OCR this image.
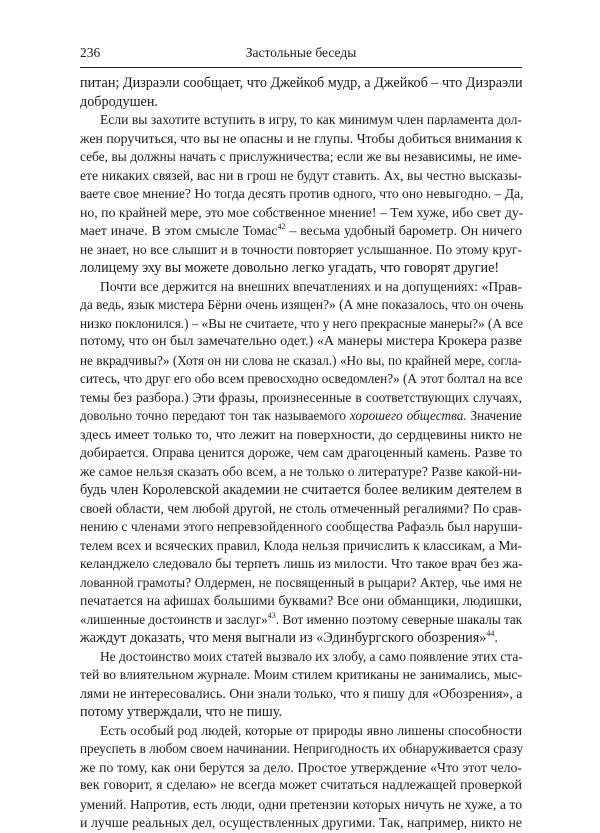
236	Застольные беседы
питан; Дизраэли сообщает, что Джейкоб мудр, а Джейкоб – что Дизраэли
добродушен.
Если вы захотите вступить в игру, то как минимум член парламента дол-
жен поручиться, что вы не опасны и не глупы. Чтобы добиться внимания к
себе, вы должны начать с прислужничества; если же вы независимы, не име-
ете никаких связей, вас ни в грош не будут ставить. Ах, вы честно высказы-
ваете свое мнение? Но тогда десять против одного, что оно невыгодно. – Да,
но, по крайней мере, это мое собственное мнение! – Тем хуже, ибо свет ду-
мает иначе. В этом смысле Томас$^{42}$ – весьма удобный барометр. Он ничего
не знает, но все слышит и в точности повторяет услышанное. По этому круг-
лолицему эху вы можете довольно легко угадать, что говорят другие!
Почти все держится на внешних впечатлениях и на допущениях: «Прав-
да ведь, язык мистера Бёрни очень изящен?» (А мне показалось, что он очень
низко поклонился.) – «Вы не считаете, что у него прекрасные манеры?» (А все
потому, что он был замечательно одет.) «А манеры мистера Крокера разве
не вкрадчивы?» (Хотя он ни слова не сказал.) «Но вы, по крайней мере, согла-
ситесь, что друг его обо всем превосходно осведомлен?» (А этот болтал на все
темы без разбора.) Эти фразы, произнесенные в соответствующих случаях,
довольно точно передают тон так называемого хорошего общества. Значение
здесь имеет только то, что лежит на поверхности, до сердцевины никто не
добирается. Оправа ценится дороже, чем сам драгоценный камень. Разве то
же самое нельзя сказать обо всем, а не только о литературе? Разве какой-ни-
будь член Королевской академии не считается более великим деятелем в
своей области, чем любой другой, не столь отмеченный регалиями? По срав-
нению с членами этого непревзойденного сообщества Рафаэль был наруши-
телем всех и всяческих правил, Клода нельзя причислить к классикам, а Ми-
келанджело следовало бы терпеть лишь из милости. Что такое врач без жа-
лованной грамоты? Олдермен, не посвященный в рыцари? Актер, чье имя не
печатается на афишах большими буквами? Все они обманщики, людишки,
«лишенные достоинств и заслуг»$^{43}$. Вот именно поэтому северные шакалы так
жаждут доказать, что меня выгнали из «Эдинбургского обозрения»$^{44}$.
Не достоинство моих статей вызвало их злобу, а само появление этих ста-
тей во влиятельном журнале. Моим стилем критиканы не занимались, мыс-
лями не интересовались. Они знали только, что я пишу для «Обозрения», а
потому утверждали, что не пишу.
Есть особый род людей, которые от природы явно лишены способности
преуспеть в любом своем начинании. Непригодность их обнаруживается сразу
же по тому, как они берутся за дело. Простое утверждение «Что этот чело-
век говорит, я сделаю» не всегда может считаться надлежащей проверкой
умений. Напротив, есть люди, одни претензии которых ничуть не хуже, а то
и лучше реальных дел, осуществленных другими. Так, например, никто не
